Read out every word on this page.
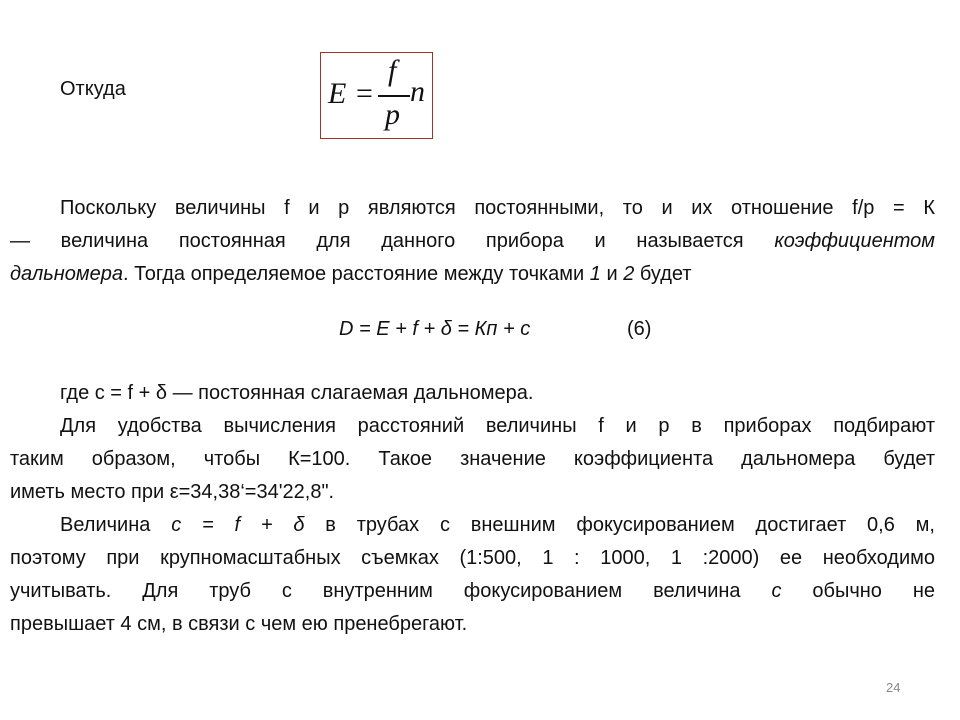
Откуда	E =
f
p
n
Поскольку величины f и р являются постоянными, то и их отношение f/p = К
— величина постоянная для данного прибора и называется коэффициентом
дальномера. Тогда определяемое расстояние между точками 1 и 2 будет
D = Е + f + δ = Кп + с	(6)
где с = f + δ — постоянная слагаемая дальномера.
Для удобства вычисления расстояний величины f и р в приборах подбирают
таким образом, чтобы К=100. Такое значение коэффициента дальномера будет
иметь место при ε=34,38‘=34'22,8".
Величина с = f + δ в трубах с внешним фокусированием достигает 0,6 м,
поэтому при крупномасштабных съемках (1:500, 1 : 1000, 1 :2000) ее необходимо
учитывать. Для труб с внутренним фокусированием величина с обычно не
превышает 4 см, в связи с чем ею пренебрегают.
24
